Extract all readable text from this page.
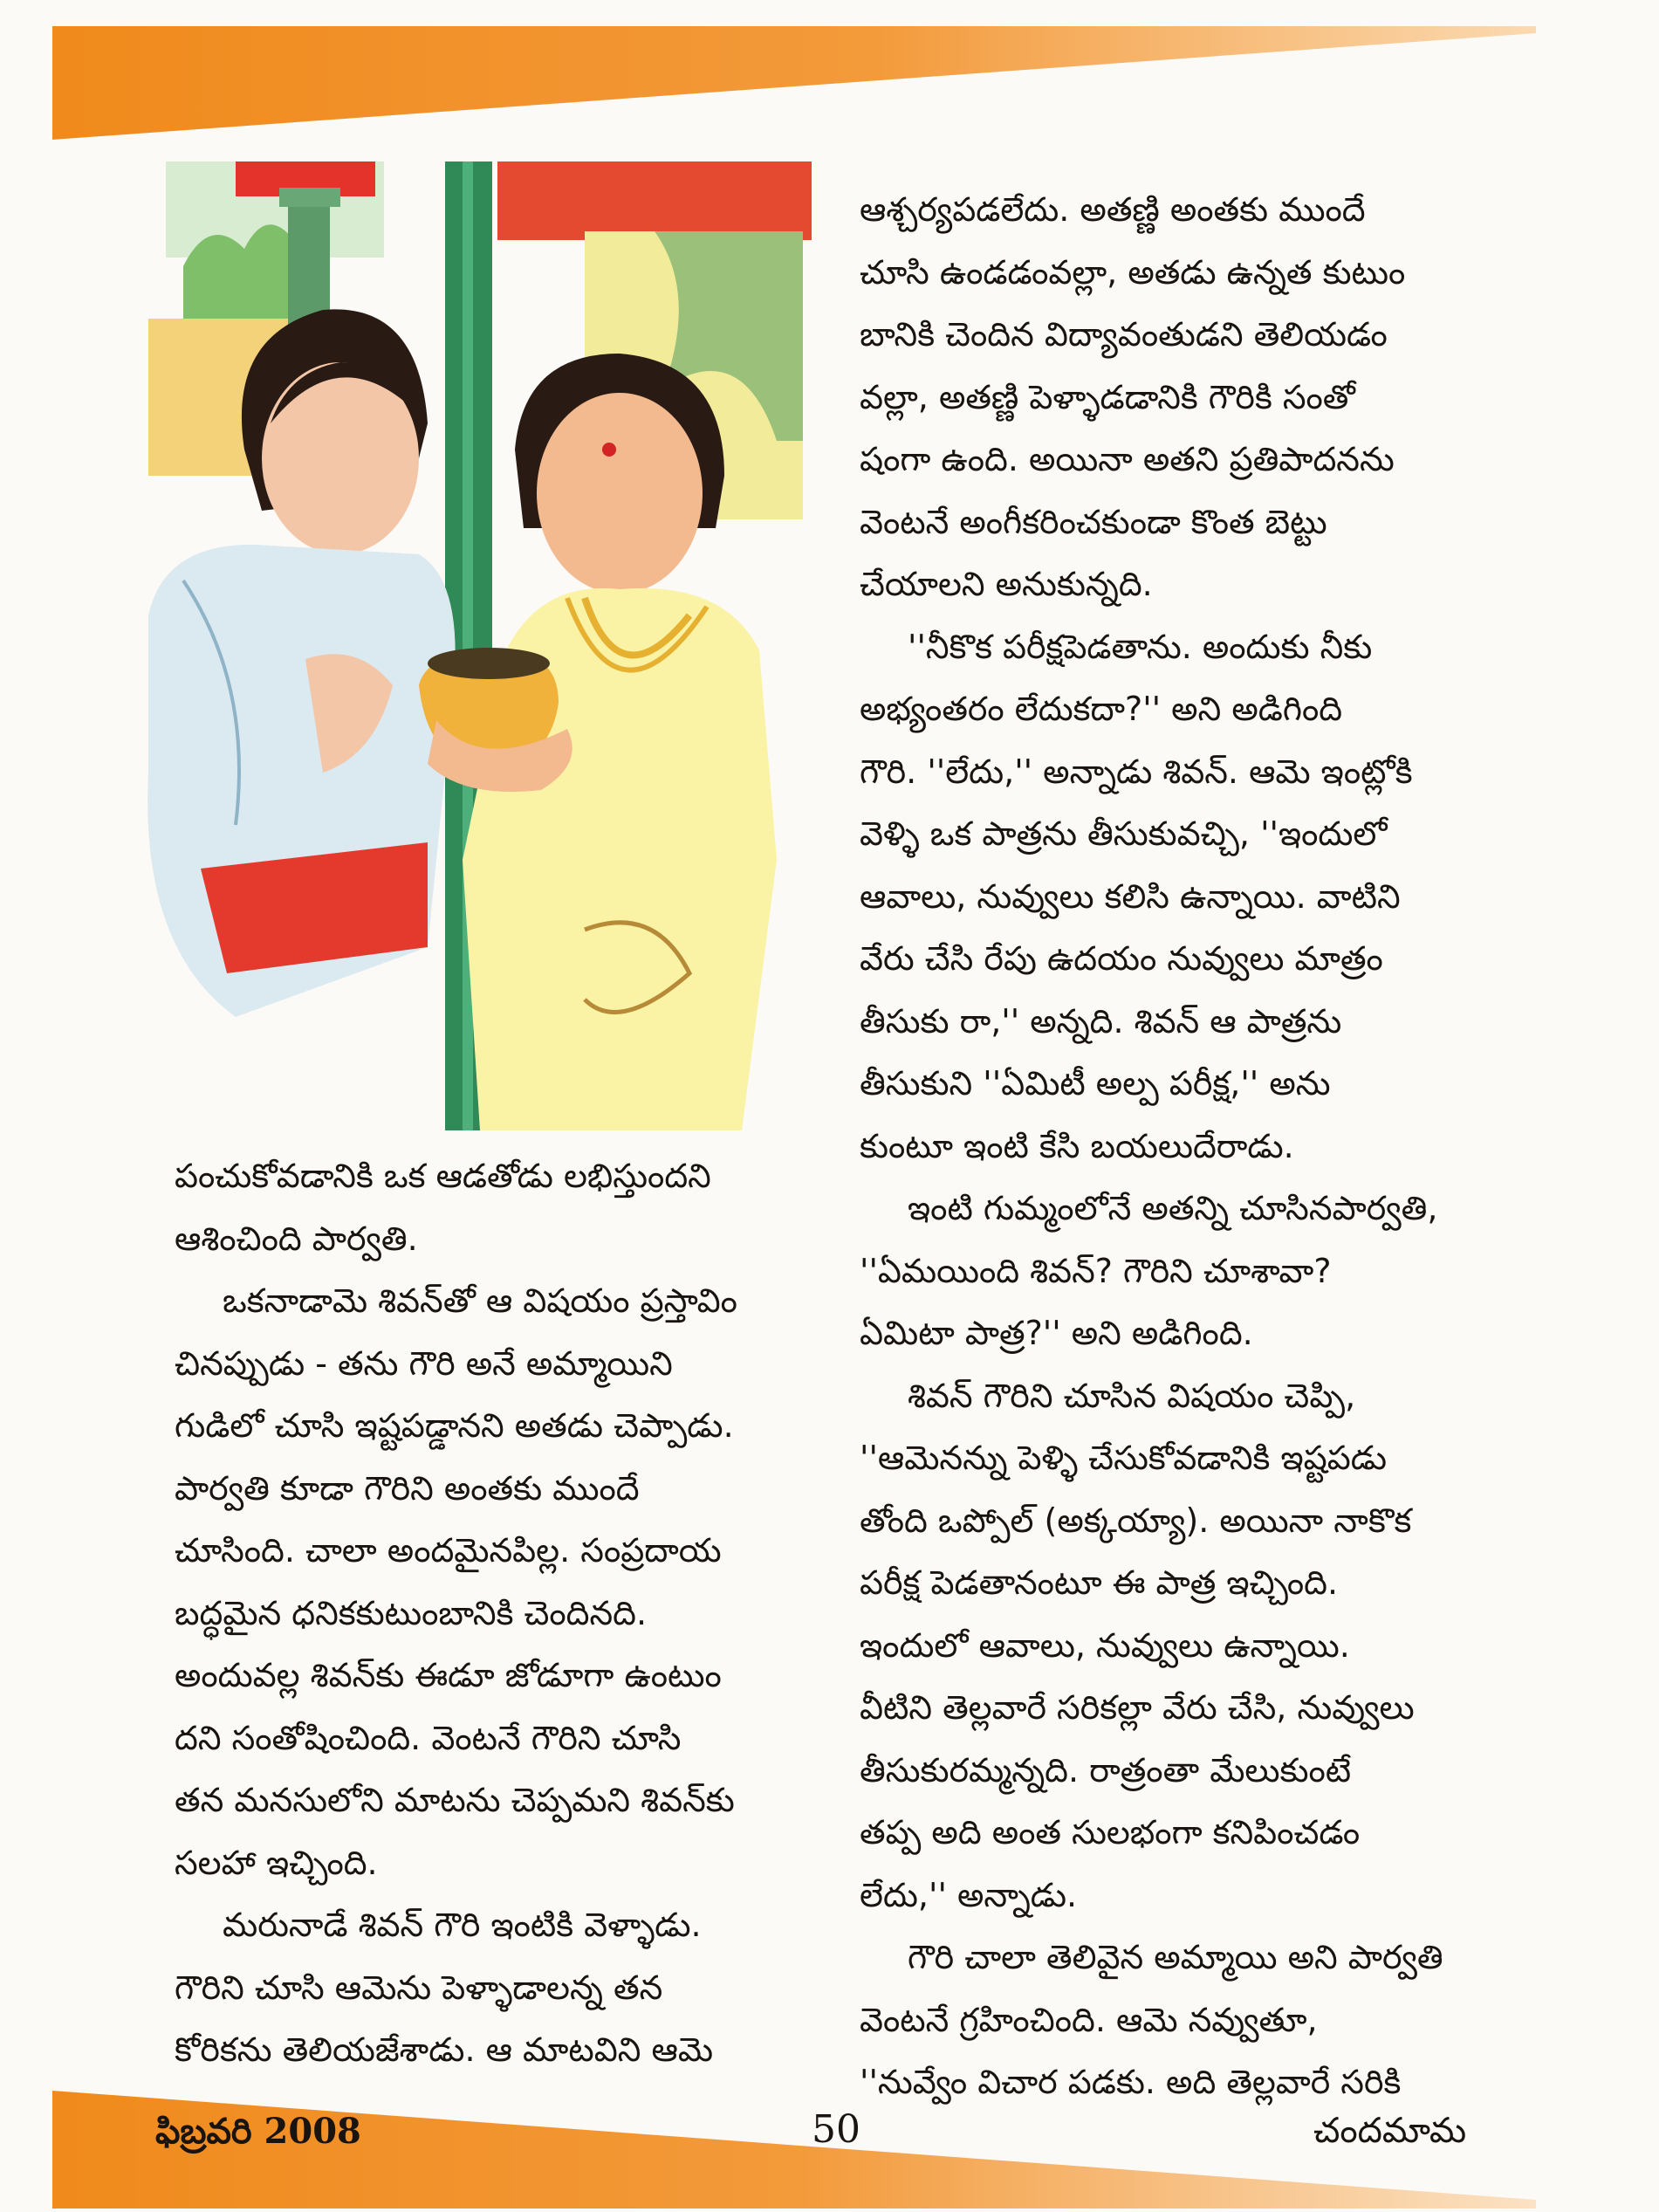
పంచుకోవడానికి ఒక ఆడతోడు లభిస్తుందని
ఆశించింది పార్వతి.

ఒకనాడామె శివన్‌తో ఆ విషయం ప్రస్తావిం
చినప్పుడు - తను గౌరి అనే అమ్మాయిని
గుడిలో చూసి ఇష్టపడ్డానని అతడు చెప్పాడు.
పార్వతి కూడా గౌరిని అంతకు ముందే
చూసింది. చాలా అందమైనపిల్ల. సంప్రదాయ
బద్ధమైన ధనికకుటుంబానికి చెందినది.
అందువల్ల శివన్‌కు ఈడూ జోడూగా ఉంటుం
దని సంతోషించింది. వెంటనే గౌరిని చూసి
తన మనసులోని మాటను చెప్పమని శివన్‌కు
సలహా ఇచ్చింది.

మరునాడే శివన్ గౌరి ఇంటికి వెళ్ళాడు.
గౌరిని చూసి ఆమెను పెళ్ళాడాలన్న తన
కోరికను తెలియజేశాడు. ఆ మాటవిని ఆమె

ఆశ్చర్యపడలేదు. అతణ్ణి అంతకు ముందే
చూసి ఉండడంవల్లా, అతడు ఉన్నత కుటుం
బానికి చెందిన విద్యావంతుడని తెలియడం
వల్లా, అతణ్ణి పెళ్ళాడడానికి గౌరికి సంతో
షంగా ఉంది. అయినా అతని ప్రతిపాదనను
వెంటనే అంగీకరించకుండా కొంత బెట్టు
చేయాలని అనుకున్నది.

''నీకొక పరీక్షపెడతాను. అందుకు నీకు
అభ్యంతరం లేదుకదా?'' అని అడిగింది
గౌరి. ''లేదు,'' అన్నాడు శివన్. ఆమె ఇంట్లోకి
వెళ్ళి ఒక పాత్రను తీసుకువచ్చి, ''ఇందులో
ఆవాలు, నువ్వులు కలిసి ఉన్నాయి. వాటిని
వేరు చేసి రేపు ఉదయం నువ్వులు మాత్రం
తీసుకు రా,'' అన్నది. శివన్ ఆ పాత్రను
తీసుకుని ''ఏమిటీ అల్ప పరీక్ష,'' అను
కుంటూ ఇంటి కేసి బయలుదేరాడు.

ఇంటి గుమ్మంలోనే అతన్ని చూసినపార్వతి,
''ఏమయింది శివన్? గౌరిని చూశావా?
ఏమిటా పాత్ర?'' అని అడిగింది.

శివన్ గౌరిని చూసిన విషయం చెప్పి,
''ఆమెనన్ను పెళ్ళి చేసుకోవడానికి ఇష్టపడు
తోంది ఒప్పోల్ (అక్కయ్యా). అయినా నాకొక
పరీక్ష పెడతానంటూ ఈ పాత్ర ఇచ్చింది.
ఇందులో ఆవాలు, నువ్వులు ఉన్నాయి.
వీటిని తెల్లవారే సరికల్లా వేరు చేసి, నువ్వులు
తీసుకురమ్మన్నది. రాత్రంతా మేలుకుంటే
తప్ప అది అంత సులభంగా కనిపించడం
లేదు,'' అన్నాడు.

గౌరి చాలా తెలివైన అమ్మాయి అని పార్వతి
వెంటనే గ్రహించింది. ఆమె నవ్వుతూ,
''నువ్వేం విచార పడకు. అది తెల్లవారే సరికి

ఫిబ్రవరి 2008	50	చందమామ
